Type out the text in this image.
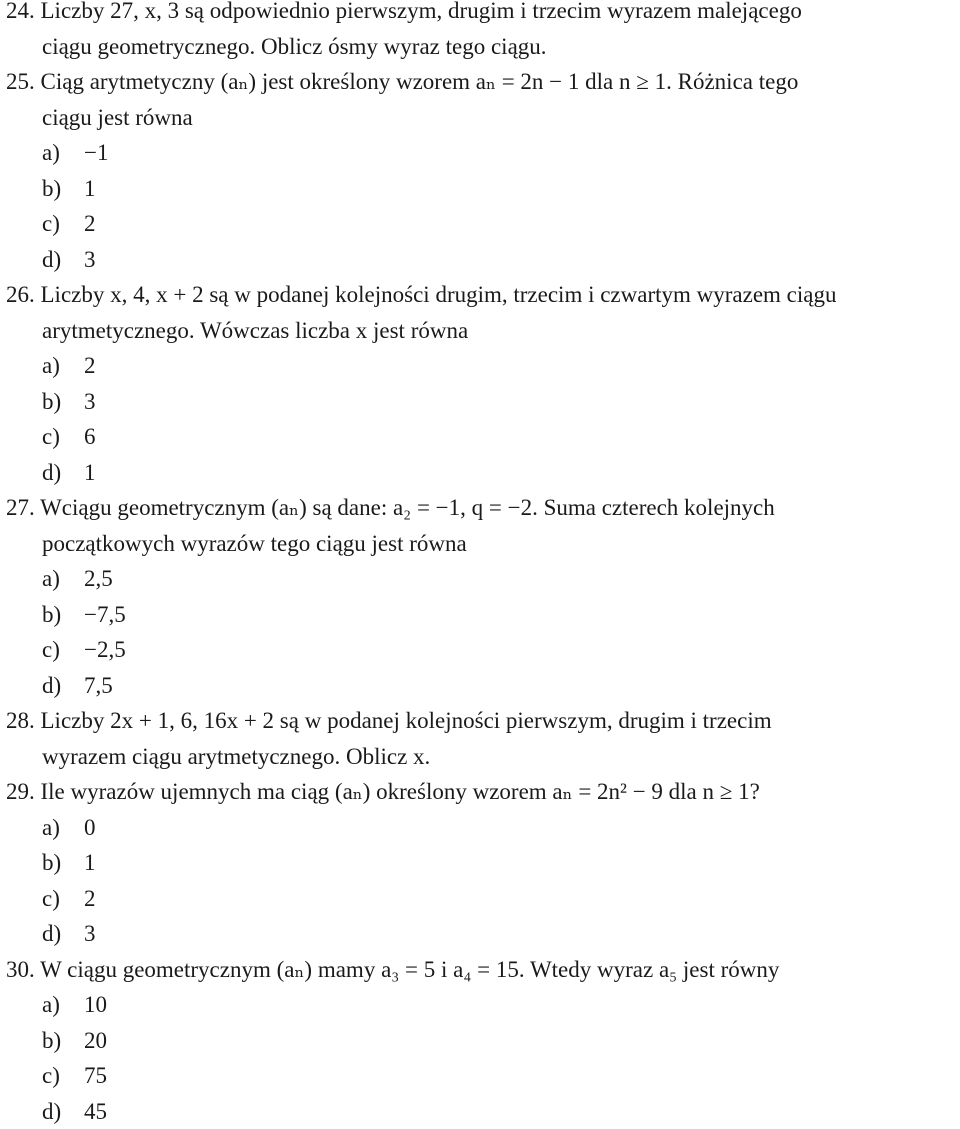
24. Liczby 27, x, 3 są odpowiednio pierwszym, drugim i trzecim wyrazem malejącego
ciągu geometrycznego. Oblicz ósmy wyraz tego ciągu.
25. Ciąg arytmetyczny (aₙ) jest określony wzorem aₙ = 2n − 1 dla n ≥ 1. Różnica tego
ciągu jest równa
a) −1
b) 1
c) 2
d) 3
26. Liczby x, 4, x + 2 są w podanej kolejności drugim, trzecim i czwartym wyrazem ciągu
arytmetycznego. Wówczas liczba x jest równa
a) 2
b) 3
c) 6
d) 1
27. Wciągu geometrycznym (aₙ) są dane: a₂ = −1, q = −2. Suma czterech kolejnych
początkowych wyrazów tego ciągu jest równa
a) 2,5
b) −7,5
c) −2,5
d) 7,5
28. Liczby 2x + 1, 6, 16x + 2 są w podanej kolejności pierwszym, drugim i trzecim
wyrazem ciągu arytmetycznego. Oblicz x.
29. Ile wyrazów ujemnych ma ciąg (aₙ) określony wzorem aₙ = 2n² − 9 dla n ≥ 1?
a) 0
b) 1
c) 2
d) 3
30. W ciągu geometrycznym (aₙ) mamy a₃ = 5 i a₄ = 15. Wtedy wyraz a₅ jest równy
a) 10
b) 20
c) 75
d) 45
